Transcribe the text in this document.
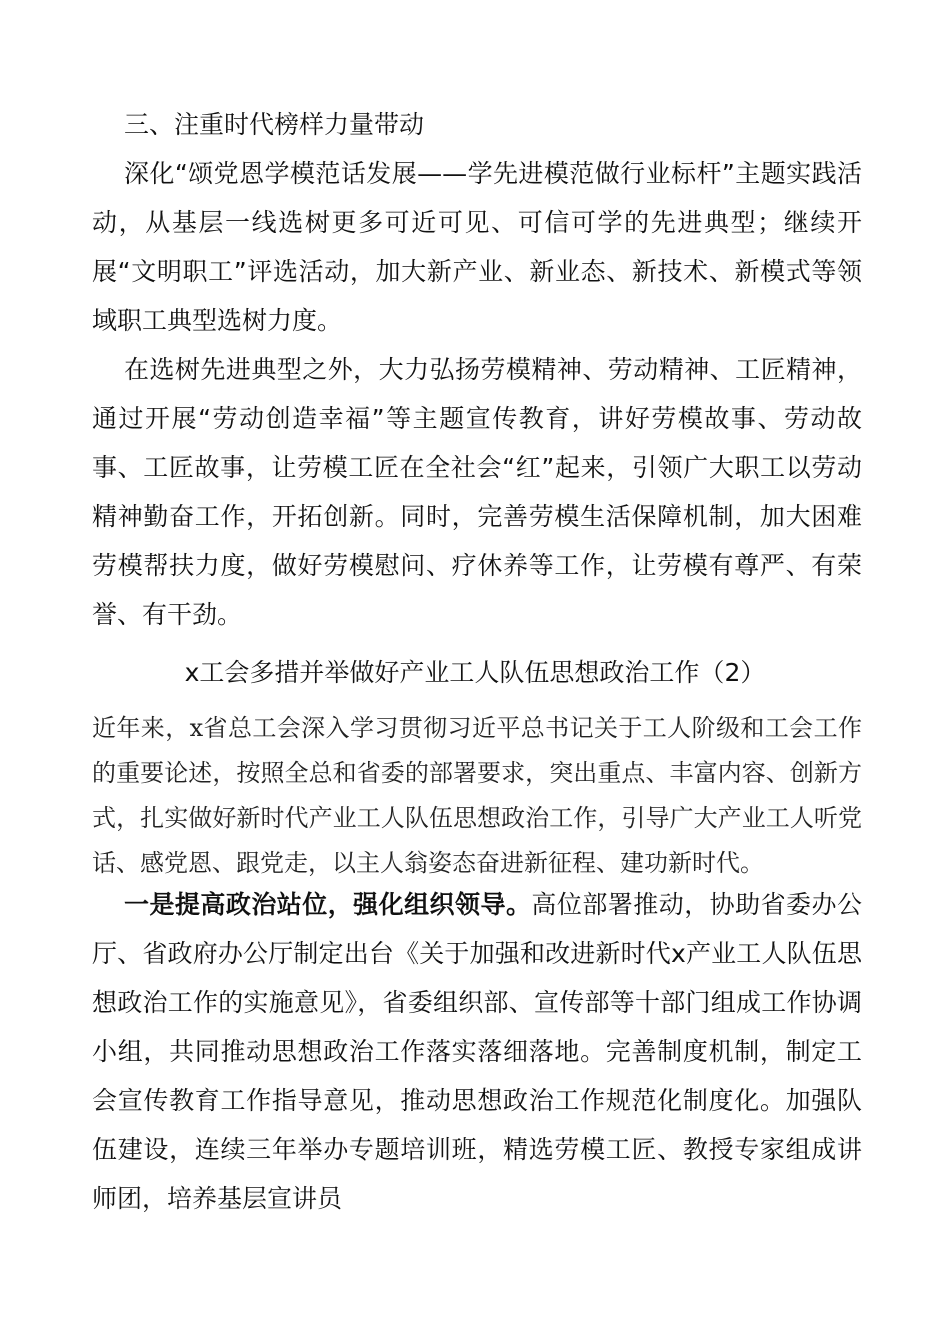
三、注重时代榜样力量带动

深化“颂党恩学模范话发展——学先进模范做行业标杆”主题实践活动，从基层一线选树更多可近可见、可信可学的先进典型；继续开展“文明职工”评选活动，加大新产业、新业态、新技术、新模式等领域职工典型选树力度。

在选树先进典型之外，大力弘扬劳模精神、劳动精神、工匠精神，通过开展“劳动创造幸福”等主题宣传教育，讲好劳模故事、劳动故事、工匠故事，让劳模工匠在全社会“红”起来，引领广大职工以劳动精神勤奋工作，开拓创新。同时，完善劳模生活保障机制，加大困难劳模帮扶力度，做好劳模慰问、疗休养等工作，让劳模有尊严、有荣誉、有干劲。

x工会多措并举做好产业工人队伍思想政治工作（2）

近年来，x省总工会深入学习贯彻习近平总书记关于工人阶级和工会工作的重要论述，按照全总和省委的部署要求，突出重点、丰富内容、创新方式，扎实做好新时代产业工人队伍思想政治工作，引导广大产业工人听党话、感党恩、跟党走，以主人翁姿态奋进新征程、建功新时代。

一是提高政治站位，强化组织领导。高位部署推动，协助省委办公厅、省政府办公厅制定出台《关于加强和改进新时代x产业工人队伍思想政治工作的实施意见》，省委组织部、宣传部等十部门组成工作协调小组，共同推动思想政治工作落实落细落地。完善制度机制，制定工会宣传教育工作指导意见，推动思想政治工作规范化制度化。加强队伍建设，连续三年举办专题培训班，精选劳模工匠、教授专家组成讲师团，培养基层宣讲员
